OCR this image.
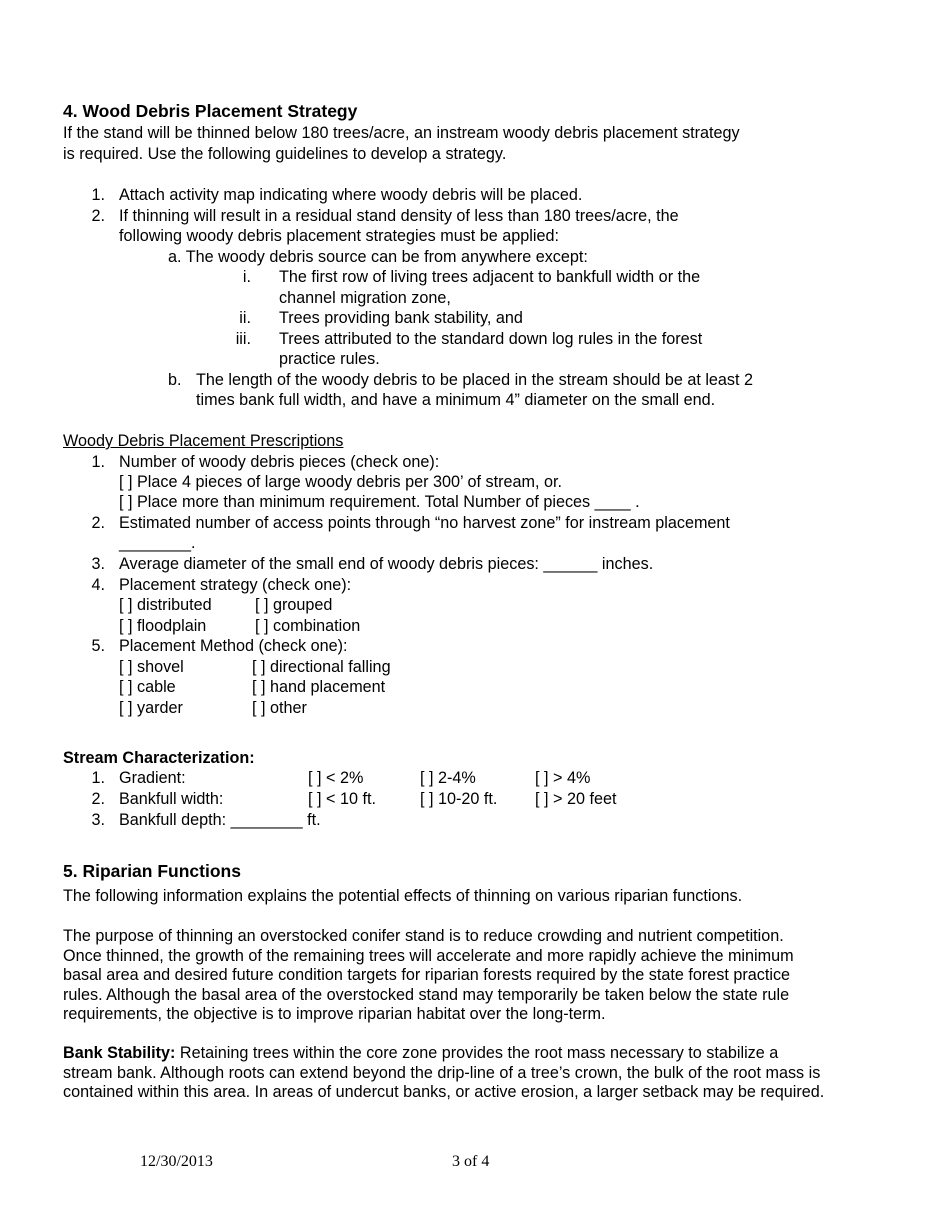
4. Wood Debris Placement Strategy
If the stand will be thinned below 180 trees/acre, an instream woody debris placement strategy
is required. Use the following guidelines to develop a strategy.
1. Attach activity map indicating where woody debris will be placed.
2. If thinning will result in a residual stand density of less than 180 trees/acre, the
following woody debris placement strategies must be applied:
a. The woody debris source can be from anywhere except:
i. The first row of living trees adjacent to bankfull width or the
channel migration zone,
ii. Trees providing bank stability, and
iii. Trees attributed to the standard down log rules in the forest
practice rules.
b. The length of the woody debris to be placed in the stream should be at least 2
times bank full width, and have a minimum 4” diameter on the small end.
Woody Debris Placement Prescriptions
1. Number of woody debris pieces (check one):
[ ] Place 4 pieces of large woody debris per 300’ of stream, or.
[ ] Place more than minimum requirement. Total Number of pieces ____ .
2. Estimated number of access points through “no harvest zone” for instream placement
________.
3. Average diameter of the small end of woody debris pieces: ______ inches.
4. Placement strategy (check one):
[ ] distributed	[ ] grouped
[ ] floodplain	[ ] combination
5. Placement Method (check one):
[ ] shovel	[ ] directional falling
[ ] cable	[ ] hand placement
[ ] yarder	[ ] other
Stream Characterization:
1. Gradient:	[ ] < 2%	[ ] 2-4%	[ ] > 4%
2. Bankfull width:	[ ] < 10 ft.	[ ] 10-20 ft. [ ] > 20 feet
3. Bankfull depth: ________ ft.
5. Riparian Functions
The following information explains the potential effects of thinning on various riparian functions.
The purpose of thinning an overstocked conifer stand is to reduce crowding and nutrient competition.
Once thinned, the growth of the remaining trees will accelerate and more rapidly achieve the minimum
basal area and desired future condition targets for riparian forests required by the state forest practice
rules. Although the basal area of the overstocked stand may temporarily be taken below the state rule
requirements, the objective is to improve riparian habitat over the long-term.
Bank Stability: Retaining trees within the core zone provides the root mass necessary to stabilize a
stream bank. Although roots can extend beyond the drip-line of a tree’s crown, the bulk of the root mass is
contained within this area. In areas of undercut banks, or active erosion, a larger setback may be required.
12/30/2013	3 of 4
